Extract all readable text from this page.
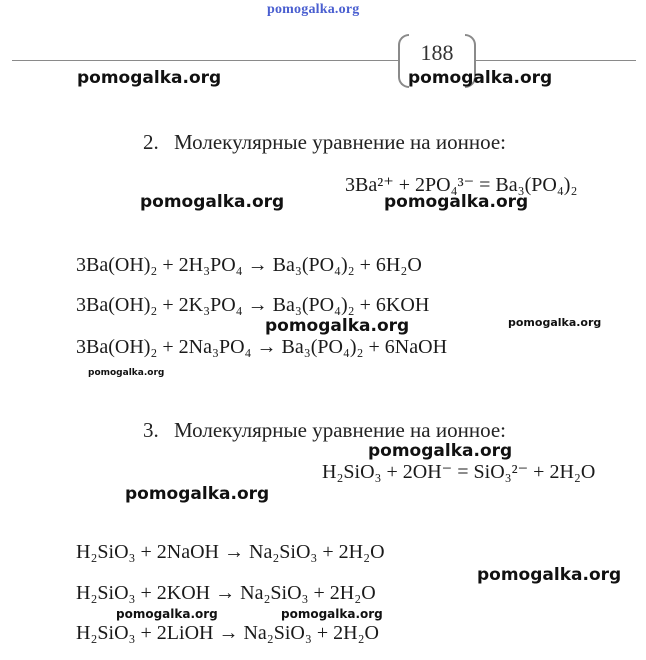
pomogalka.org
188
pomogalka.org	pomogalka.org
2. Молекулярные уравнение на ионное:
3Ba²⁺ + 2PO₄³⁻ = Ba₃(PO₄)₂
pomogalka.org	pomogalka.org
3Ba(OH)₂ + 2H₃PO₄ → Ba₃(PO₄)₂ + 6H₂O
3Ba(OH)₂ + 2K₃PO₄ → Ba₃(PO₄)₂ + 6KOH
pomogalka.org	pomogalka.org
3Ba(OH)₂ + 2Na₃PO₄ → Ba₃(PO₄)₂ + 6NaOH
pomogalka.org
3. Молекулярные уравнение на ионное:
pomogalka.org
H₂SiO₃ + 2OH⁻ = SiO₃²⁻ + 2H₂O
pomogalka.org
H₂SiO₃ + 2NaOH → Na₂SiO₃ + 2H₂O
pomogalka.org
H₂SiO₃ + 2KOH → Na₂SiO₃ + 2H₂O
pomogalka.org	pomogalka.org
H₂SiO₃ + 2LiOH → Na₂SiO₃ + 2H₂O
